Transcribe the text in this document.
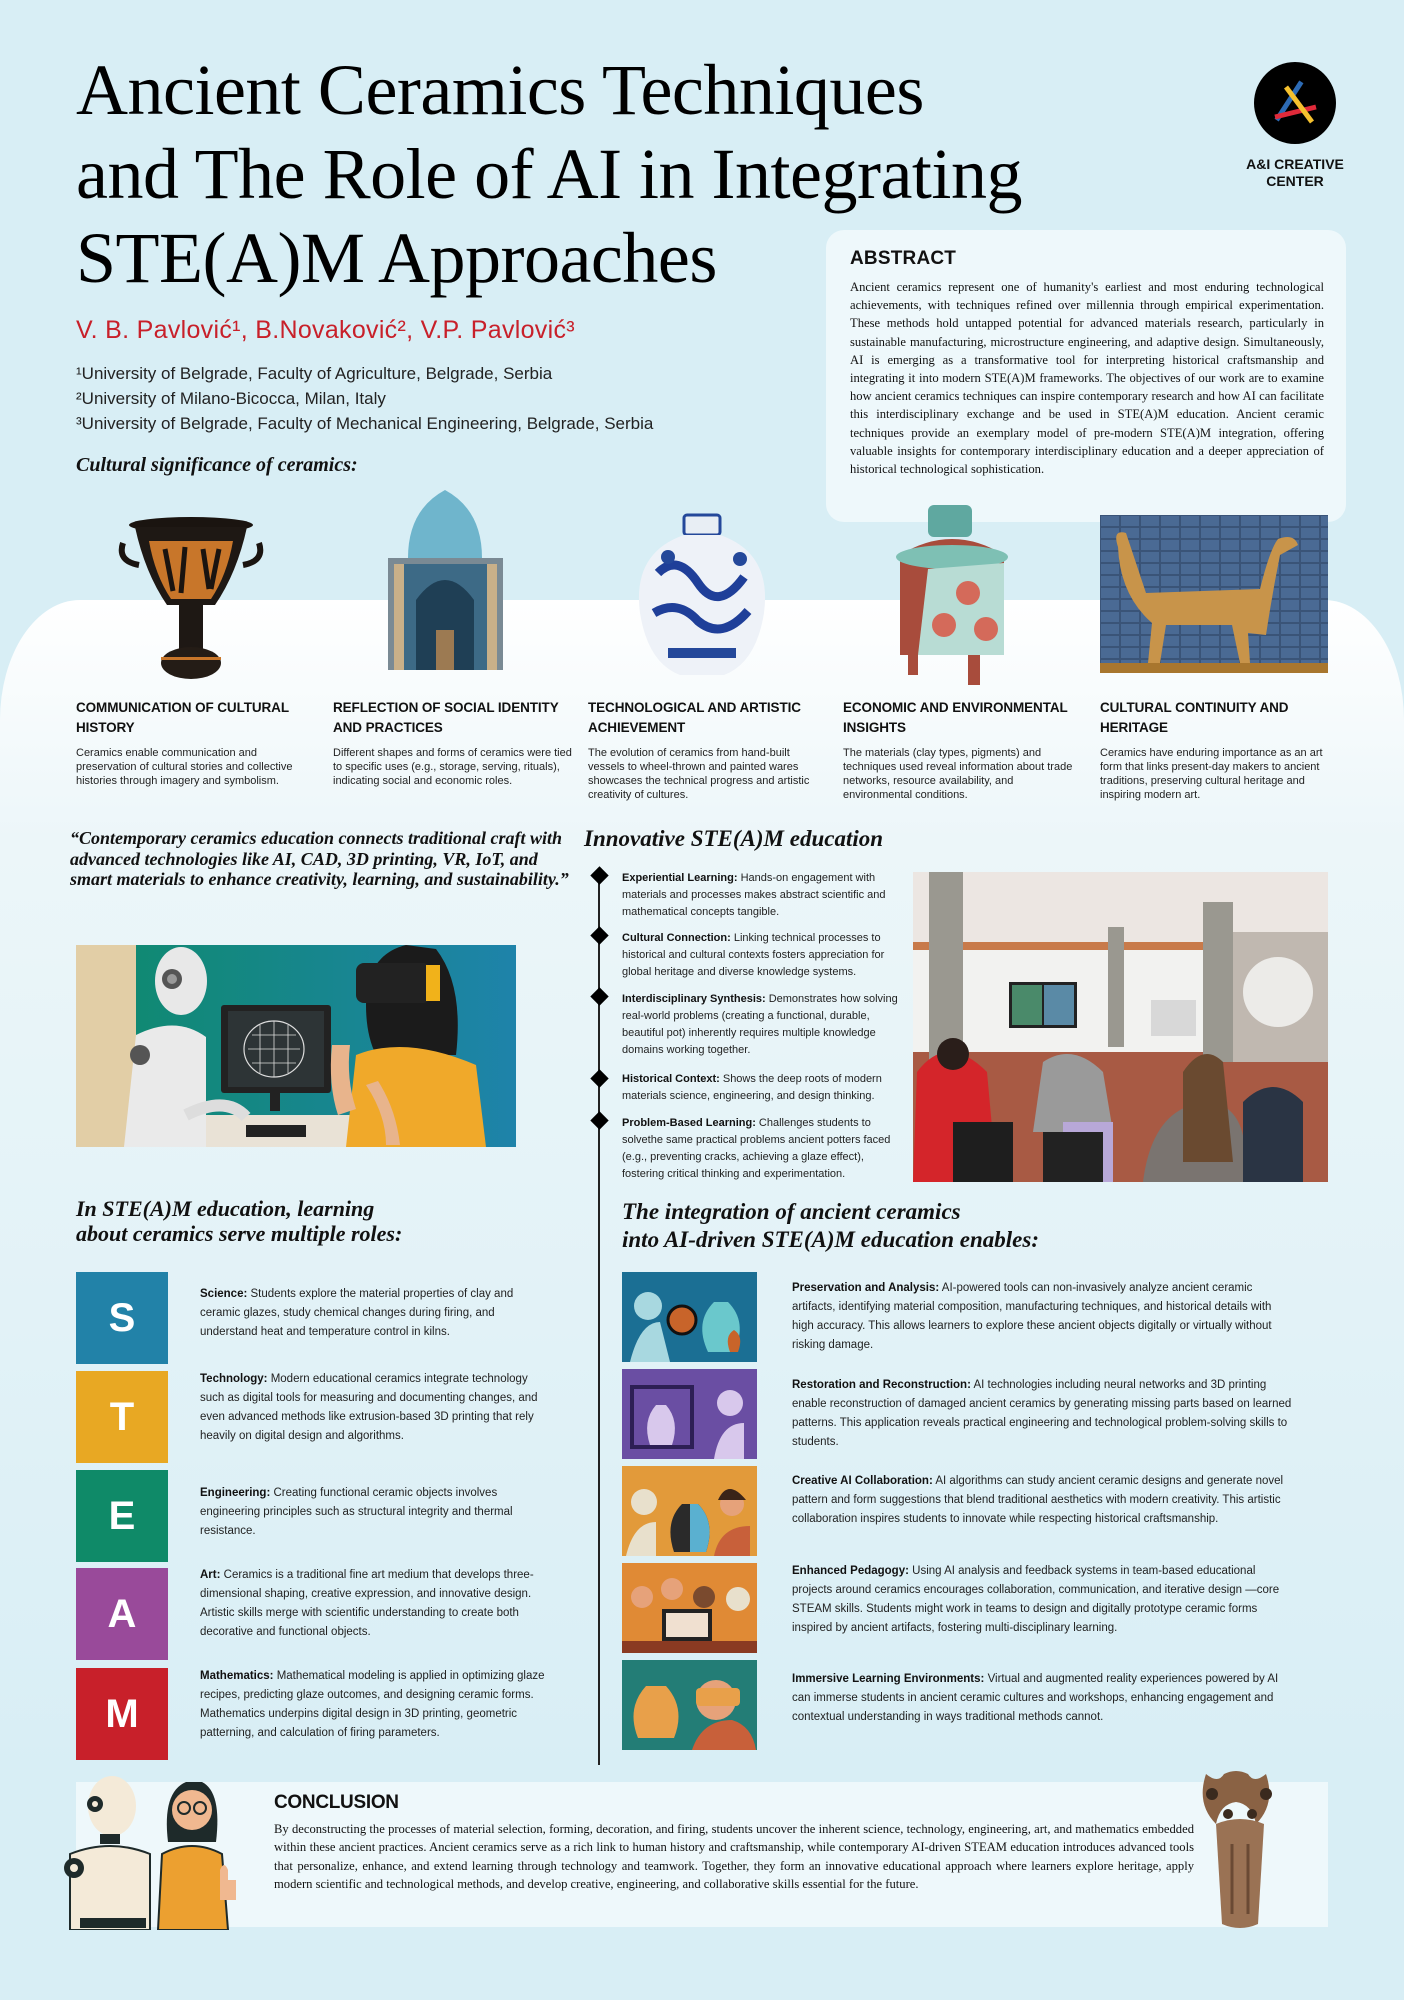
Ancient Ceramics Techniques
and The Role of AI in Integrating
STE(A)M Approaches
A&I CREATIVE
CENTER
V. B. Pavlović¹, B.Novaković², V.P. Pavlović³
¹University of Belgrade, Faculty of Agriculture, Belgrade, Serbia
²University of Milano-Bicocca, Milan, Italy
³University of Belgrade, Faculty of Mechanical Engineering, Belgrade, Serbia
Cultural significance of ceramics:
ABSTRACT

Ancient ceramics represent one of humanity's earliest and most enduring technological achievements, with techniques refined over millennia through empirical experimentation. These methods hold untapped potential for advanced materials research, particularly in sustainable manufacturing, microstructure engineering, and adaptive design. Simultaneously, AI is emerging as a transformative tool for interpreting historical craftsmanship and integrating it into modern STE(A)M frameworks. The objectives of our work are to examine how ancient ceramics techniques can inspire contemporary research and how AI can facilitate this interdisciplinary exchange and be used in STE(A)M education. Ancient ceramic techniques provide an exemplary model of pre-modern STE(A)M integration, offering valuable insights for contemporary interdisciplinary education and a deeper appreciation of historical technological sophistication.

COMMUNICATION OF CULTURAL HISTORY
Ceramics enable communication and preservation of cultural stories and collective histories through imagery and symbolism.
REFLECTION OF SOCIAL IDENTITY AND PRACTICES
Different shapes and forms of ceramics were tied to specific uses (e.g., storage, serving, rituals), indicating social and economic roles.
TECHNOLOGICAL AND ARTISTIC ACHIEVEMENT
The evolution of ceramics from hand-built vessels to wheel-thrown and painted wares showcases the technical progress and artistic creativity of cultures.
ECONOMIC AND ENVIRONMENTAL INSIGHTS
The materials (clay types, pigments) and techniques used reveal information about trade networks, resource availability, and environmental conditions.
CULTURAL CONTINUITY AND HERITAGE
Ceramics have enduring importance as an art form that links present-day makers to ancient traditions, preserving cultural heritage and inspiring modern art.
“Contemporary ceramics education connects traditional craft with advanced technologies like AI, CAD, 3D printing, VR, IoT, and smart materials to enhance creativity, learning, and sustainability.”
Innovative STE(A)M education
Experiential Learning: Hands-on engagement with materials and processes makes abstract scientific and mathematical concepts tangible.
Cultural Connection: Linking technical processes to historical and cultural contexts fosters appreciation for global heritage and diverse knowledge systems.
Interdisciplinary Synthesis: Demonstrates how solving real-world problems (creating a functional, durable, beautiful pot) inherently requires multiple knowledge domains working together.
Historical Context: Shows the deep roots of modern materials science, engineering, and design thinking.
Problem-Based Learning: Challenges students to solvethe same practical problems ancient potters faced (e.g., preventing cracks, achieving a glaze effect), fostering critical thinking and experimentation.
In STE(A)M education, learning
about ceramics serve multiple roles:
S
T
E
A
M
Science: Students explore the material properties of clay and ceramic glazes, study chemical changes during firing, and understand heat and temperature control in kilns.
Technology: Modern educational ceramics integrate technology such as digital tools for measuring and documenting changes, and even advanced methods like extrusion-based 3D printing that rely heavily on digital design and algorithms.
Engineering: Creating functional ceramic objects involves engineering principles such as structural integrity and thermal resistance.
Art: Ceramics is a traditional fine art medium that develops three-dimensional shaping, creative expression, and innovative design. Artistic skills merge with scientific understanding to create both decorative and functional objects.
Mathematics: Mathematical modeling is applied in optimizing glaze recipes, predicting glaze outcomes, and designing ceramic forms. Mathematics underpins digital design in 3D printing, geometric patterning, and calculation of firing parameters.
The integration of ancient ceramics
into AI-driven STE(A)M education enables:
Preservation and Analysis: AI-powered tools can non-invasively analyze ancient ceramic artifacts, identifying material composition, manufacturing techniques, and historical details with high accuracy. This allows learners to explore these ancient objects digitally or virtually without risking damage.
Restoration and Reconstruction: AI technologies including neural networks and 3D printing enable reconstruction of damaged ancient ceramics by generating missing parts based on learned patterns. This application reveals practical engineering and technological problem-solving skills to students.
Creative AI Collaboration: AI algorithms can study ancient ceramic designs and generate novel pattern and form suggestions that blend traditional aesthetics with modern creativity. This artistic collaboration inspires students to innovate while respecting historical craftsmanship.
Enhanced Pedagogy: Using AI analysis and feedback systems in team-based educational projects around ceramics encourages collaboration, communication, and iterative design —core STEAM skills. Students might work in teams to design and digitally prototype ceramic forms inspired by ancient artifacts, fostering multi-disciplinary learning.
Immersive Learning Environments: Virtual and augmented reality experiences powered by AI can immerse students in ancient ceramic cultures and workshops, enhancing engagement and contextual understanding in ways traditional methods cannot.
CONCLUSION
By deconstructing the processes of material selection, forming, decoration, and firing, students uncover the inherent science, technology, engineering, art, and mathematics embedded within these ancient practices. Ancient ceramics serve as a rich link to human history and craftsmanship, while contemporary AI-driven STEAM education introduces advanced tools that personalize, enhance, and extend learning through technology and teamwork. Together, they form an innovative educational approach where learners explore heritage, apply modern scientific and technological methods, and develop creative, engineering, and collaborative skills essential for the future.
